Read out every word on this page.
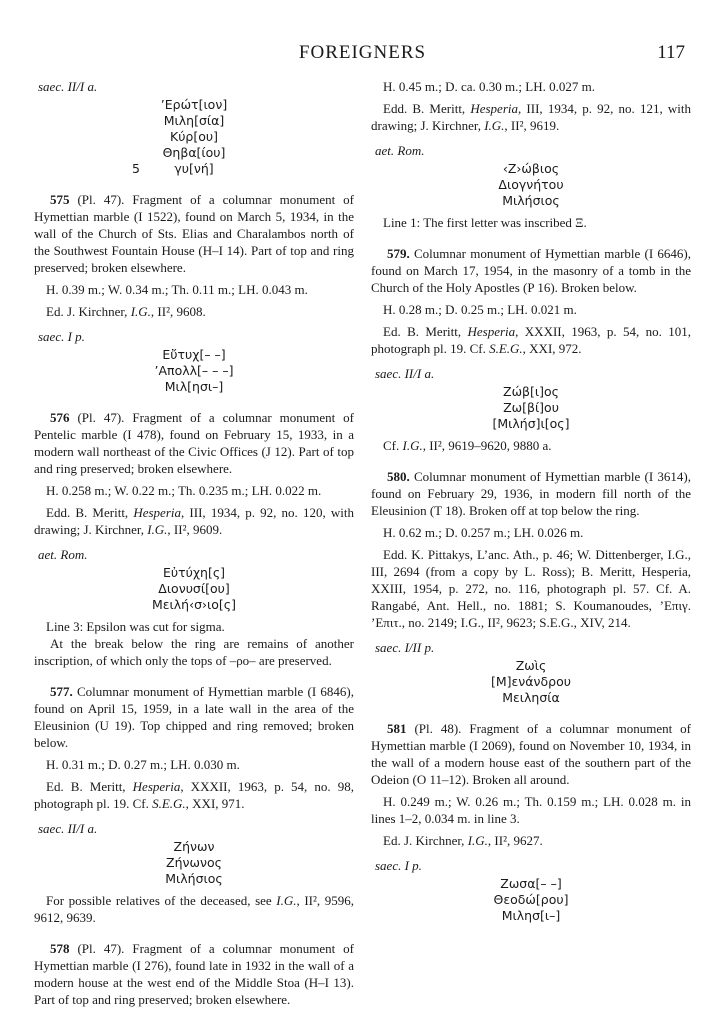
FOREIGNERS	117

saec. II/I a.

’Ερώτ[ιον]
Μιλη[σία]
Κύρ[ου]
Θηβα[ίου]
5	γυ[νή]

575 (Pl. 47). Fragment of a columnar monument of Hymettian marble (I 1522), found on March 5, 1934, in the wall of the Church of Sts. Elias and Charalambos north of the Southwest Fountain House (H–I 14). Part of top and ring preserved; broken elsewhere.

H. 0.39 m.; W. 0.34 m.; Th. 0.11 m.; LH. 0.043 m.

Ed. J. Kirchner, I.G., II², 9608.

saec. I p.

Εὔτυχ[– –]
’Απολλ[– – –]
Μιλ[ησι–]

576 (Pl. 47). Fragment of a columnar monument of Pentelic marble (I 478), found on February 15, 1933, in a modern wall northeast of the Civic Offices (J 12). Part of top and ring preserved; broken elsewhere.

H. 0.258 m.; W. 0.22 m.; Th. 0.235 m.; LH. 0.022 m.

Edd. B. Meritt, Hesperia, III, 1934, p. 92, no. 120, with drawing; J. Kirchner, I.G., II², 9609.

aet. Rom.

Εὐτύχη[ς]
Διονυσί[ου]
Μειλή‹σ›ιο[ς]

Line 3: Epsilon was cut for sigma.

At the break below the ring are remains of another inscription, of which only the tops of –ρο– are preserved.

577. Columnar monument of Hymettian marble (I 6846), found on April 15, 1959, in a late wall in the area of the Eleusinion (U 19). Top chipped and ring removed; broken below.

H. 0.31 m.; D. 0.27 m.; LH. 0.030 m.

Ed. B. Meritt, Hesperia, XXXII, 1963, p. 54, no. 98, photograph pl. 19. Cf. S.E.G., XXI, 971.

saec. II/I a.

Ζήνων
Ζήνωνος
Μιλήσιος

For possible relatives of the deceased, see I.G., II², 9596, 9612, 9639.

578 (Pl. 47). Fragment of a columnar monument of Hymettian marble (I 276), found late in 1932 in the wall of a modern house at the west end of the Middle Stoa (H–I 13). Part of top and ring preserved; broken elsewhere.

H. 0.45 m.; D. ca. 0.30 m.; LH. 0.027 m.

Edd. B. Meritt, Hesperia, III, 1934, p. 92, no. 121, with drawing; J. Kirchner, I.G., II², 9619.

aet. Rom.

‹Ζ›ώβιος
Διογνήτου
Μιλήσιος

Line 1: The first letter was inscribed Ξ.

579. Columnar monument of Hymettian marble (I 6646), found on March 17, 1954, in the masonry of a tomb in the Church of the Holy Apostles (P 16). Broken below.

H. 0.28 m.; D. 0.25 m.; LH. 0.021 m.

Ed. B. Meritt, Hesperia, XXXII, 1963, p. 54, no. 101, photograph pl. 19. Cf. S.E.G., XXI, 972.

saec. II/I a.

Ζώβ[ι]ος
Ζω[βί]ου
[Μιλήσ]ι[ος]

Cf. I.G., II², 9619–9620, 9880 a.

580. Columnar monument of Hymettian marble (I 3614), found on February 29, 1936, in modern fill north of the Eleusinion (T 18). Broken off at top below the ring.

H. 0.62 m.; D. 0.257 m.; LH. 0.026 m.

Edd. K. Pittakys, L’anc. Ath., p. 46; W. Dittenberger, I.G., III, 2694 (from a copy by L. Ross); B. Meritt, Hesperia, XXIII, 1954, p. 272, no. 116, photograph pl. 57. Cf. A. Rangabé, Ant. Hell., no. 1881; S. Koumanoudes, ’Επιγ. ’Επιτ., no. 2149; I.G., II², 9623; S.E.G., XIV, 214.

saec. I/II p.

Ζωὶς
[Μ]ενάνδρου
Μειλησία

581 (Pl. 48). Fragment of a columnar monument of Hymettian marble (I 2069), found on November 10, 1934, in the wall of a modern house east of the southern part of the Odeion (O 11–12). Broken all around.

H. 0.249 m.; W. 0.26 m.; Th. 0.159 m.; LH. 0.028 m. in lines 1–2, 0.034 m. in line 3.

Ed. J. Kirchner, I.G., II², 9627.

saec. I p.

Ζωσα[– –]
Θεοδώ[ρου]
Μιλησ[ι–]
